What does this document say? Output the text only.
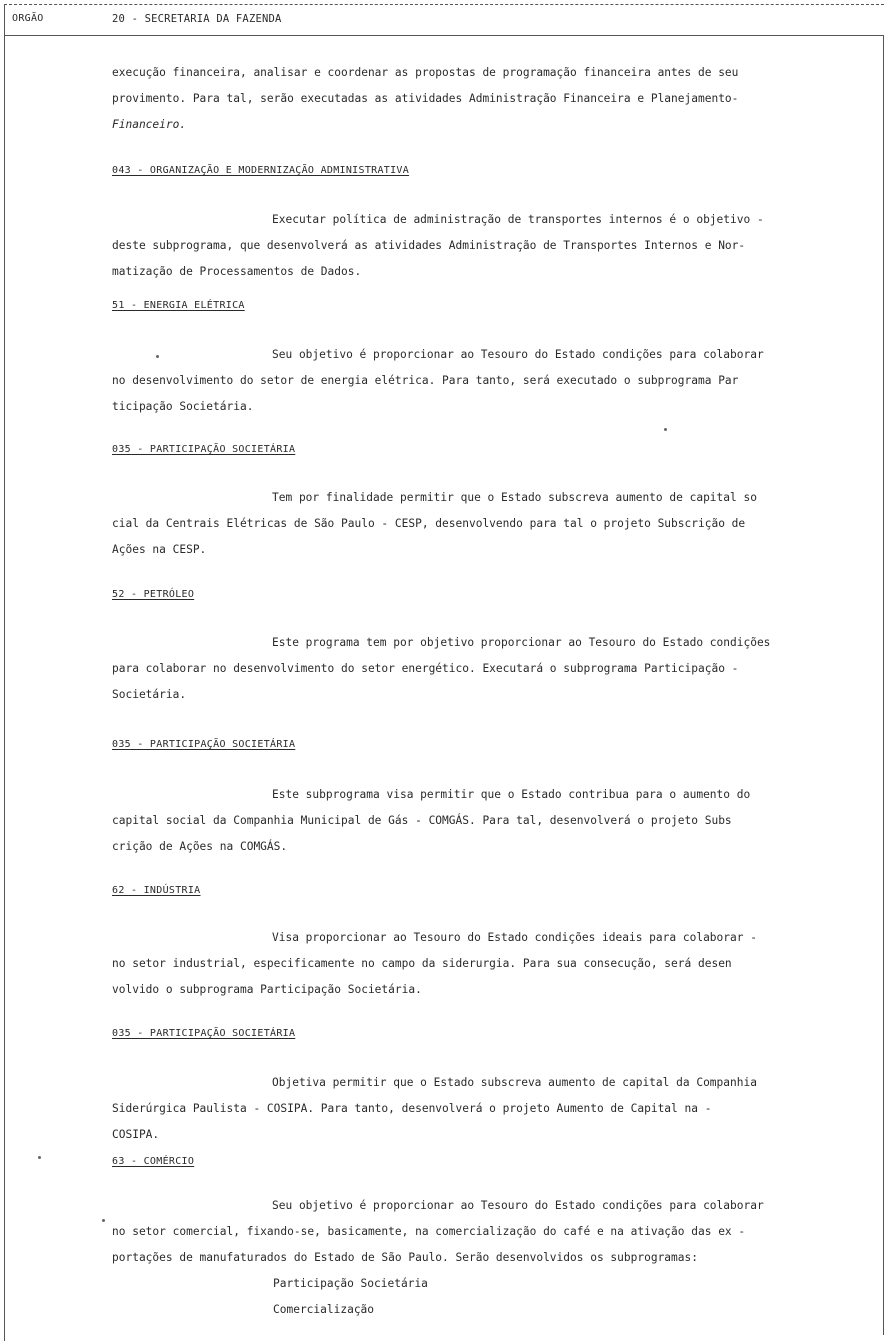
ORGÃO	20 - SECRETARIA DA FAZENDA

execução financeira, analisar e coordenar as propostas de programação financeira antes de seu
provimento. Para tal, serão executadas as atividades Administração Financeira e Planejamento-
Financeiro.

043 - ORGANIZAÇÃO E MODERNIZAÇÃO ADMINISTRATIVA

Executar política de administração de transportes internos é o objetivo -
deste subprograma, que desenvolverá as atividades Administração de Transportes Internos e Nor-
matização de Processamentos de Dados.

51 - ENERGIA ELÉTRICA

Seu objetivo é proporcionar ao Tesouro do Estado condições para colaborar
no desenvolvimento do setor de energia elétrica. Para tanto, será executado o subprograma Par
ticipação Societária.

035 - PARTICIPAÇÃO SOCIETÁRIA

Tem por finalidade permitir que o Estado subscreva aumento de capital so
cial da Centrais Elétricas de São Paulo - CESP, desenvolvendo para tal o projeto Subscrição de
Ações na CESP.

52 - PETRÓLEO

Este programa tem por objetivo proporcionar ao Tesouro do Estado condições
para colaborar no desenvolvimento do setor energético. Executará o subprograma Participação -
Societária.

035 - PARTICIPAÇÃO SOCIETÁRIA

Este subprograma visa permitir que o Estado contribua para o aumento do
capital social da Companhia Municipal de Gás - COMGÁS. Para tal, desenvolverá o projeto Subs
crição de Ações na COMGÁS.

62 - INDÚSTRIA

Visa proporcionar ao Tesouro do Estado condições ideais para colaborar -
no setor industrial, especificamente no campo da siderurgia. Para sua consecução, será desen
volvido o subprograma Participação Societária.

035 - PARTICIPAÇÃO SOCIETÁRIA

Objetiva permitir que o Estado subscreva aumento de capital da Companhia
Siderúrgica Paulista - COSIPA. Para tanto, desenvolverá o projeto Aumento de Capital na -
COSIPA.

63 - COMÉRCIO

Seu objetivo é proporcionar ao Tesouro do Estado condições para colaborar
no setor comercial, fixando-se, basicamente, na comercialização do café e na ativação das ex -
portações de manufaturados do Estado de São Paulo. Serão desenvolvidos os subprogramas:

Participação Societária
Comercialização
